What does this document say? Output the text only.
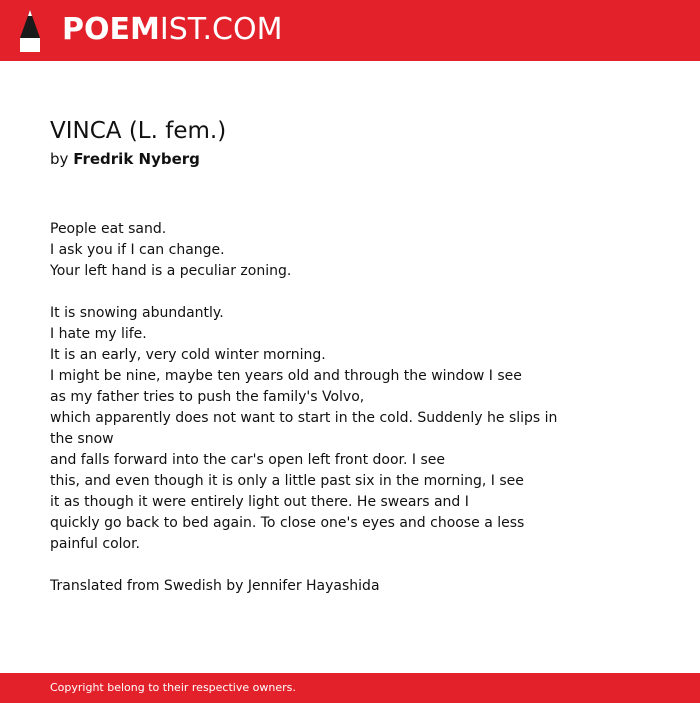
POEMIST.COM
VINCA (L. fem.)
by Fredrik Nyberg
People eat sand.
I ask you if I can change.
Your left hand is a peculiar zoning.
It is snowing abundantly.
I hate my life.
It is an early, very cold winter morning.
I might be nine, maybe ten years old and through the window I see
as my father tries to push the family's Volvo,
which apparently does not want to start in the cold. Suddenly he slips in
the snow
and falls forward into the car's open left front door. I see
this, and even though it is only a little past six in the morning, I see
it as though it were entirely light out there. He swears and I
quickly go back to bed again. To close one's eyes and choose a less
painful color.
Translated from Swedish by Jennifer Hayashida
Copyright belong to their respective owners.
